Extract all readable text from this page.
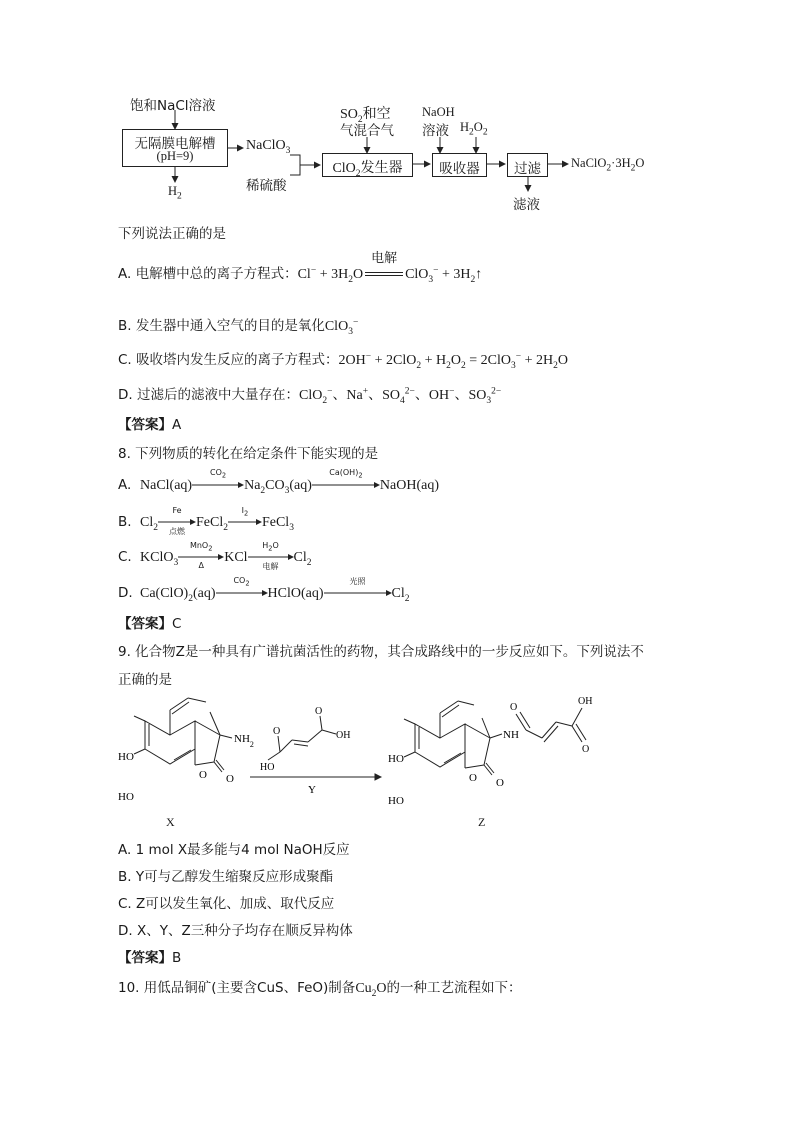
饱和NaCl溶液
无隔膜电解槽
(pH=9)
$H_2$
NaClO$_3$
稀硫酸
$SO_2$和空
气混合气
ClO$_2$发生器
NaOH
溶液 $H_2O_2$
吸收器	过滤	$NaClO_2\cdot 3H_2O$
滤液
下列说法正确的是
A. 电解槽中总的离子方程式：$Cl^- + 3H_2O$
电解
$ClO_3^- + 3H_2↑$
B. 发生器中通入空气的目的是氧化ClO$_3$−
C. 吸收塔内发生反应的离子方程式：$2OH^- + 2ClO_2 + H_2O_2 = 2ClO_3^- + 2H_2O$
D. 过滤后的滤液中大量存在：ClO$_2$−、Na+、$SO_4^{2-}$、OH−、$SO_3^{2-}$
【答案】A
8. 下列物质的转化在给定条件下能实现的是
A. NaCl(aq)
$CO_2$
$Na_2CO_3(aq)$
$Ca(OH)_2$
NaOH(aq)
B. $Cl_2$
Fe
点燃
FeCl$_2$
$I_2$
FeCl$_3$
C. KClO$_3$
MnO$_2$
Δ	KCl
$H_2O$
电解
$Cl_2$
D. $Ca(ClO)_2(aq)$
$CO_2$
HClO(aq)
光照
$Cl_2$
【答案】C
9. 化合物Z是一种具有广谱抗菌活性的药物，其合成路线中的一步反应如下。下列说法不
正确的是
HO
HO
$NH_2$
O
O
HO
O
O
OH
Y
HO
HO
NH
O
O
O
OH
O
X	Z
A. 1 mol X最多能与4 mol NaOH反应
B. Y可与乙醇发生缩聚反应形成聚酯
C. Z可以发生氧化、加成、取代反应
D. X、Y、Z三种分子均存在顺反异构体
【答案】B
10. 用低品铜矿(主要含CuS、FeO)制备$Cu_2O$的一种工艺流程如下：
